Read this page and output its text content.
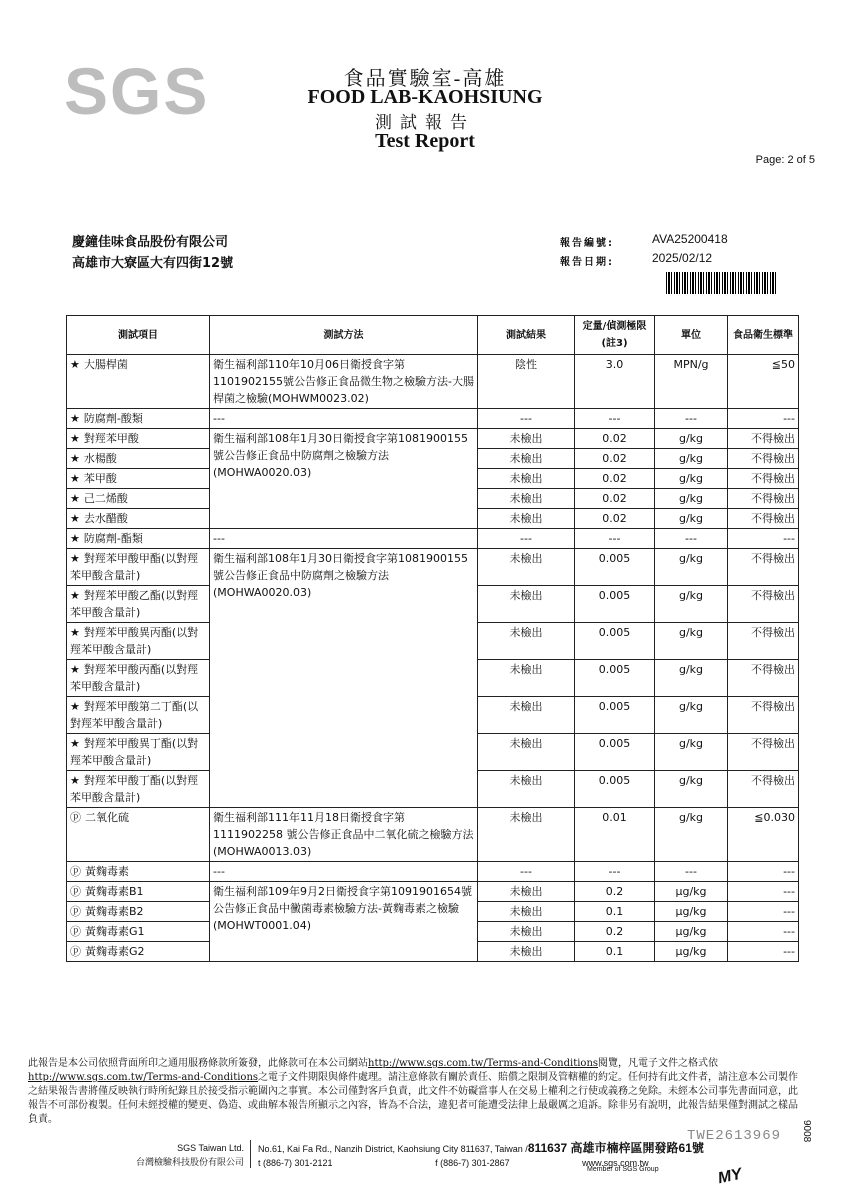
SGS	食品實驗室-高雄
FOOD LAB-KAOHSIUNG
測試報告
Test Report
Page: 2 of 5
慶鐘佳味食品股份有限公司
高雄市大寮區大有四街12號
報告編號:	AVA25200418
報告日期:	2025/02/12
測試項目	測試方法	測試結果	定量/偵測極限(註3)	單位	食品衛生標準
★ 大腸桿菌	衛生福利部110年10月06日衛授食字第1101902155號公告修正食品微生物之檢驗方法-大腸桿菌之檢驗(MOHWM0023.02)	陰性	3.0	MPN/g	≦50
★ 防腐劑-酸類	---	---	---	---	---
★ 對羥苯甲酸	衛生福利部108年1月30日衛授食字第1081900155號公告修正食品中防腐劑之檢驗方法(MOHWA0020.03)	未檢出	0.02	g/kg	不得檢出
★ 水楊酸		未檢出	0.02	g/kg	不得檢出
★ 苯甲酸		未檢出	0.02	g/kg	不得檢出
★ 己二烯酸		未檢出	0.02	g/kg	不得檢出
★ 去水醋酸		未檢出	0.02	g/kg	不得檢出
★ 防腐劑-酯類	---	---	---	---	---
★ 對羥苯甲酸甲酯(以對羥苯甲酸含量計)	衛生福利部108年1月30日衛授食字第1081900155號公告修正食品中防腐劑之檢驗方法(MOHWA0020.03)	未檢出	0.005	g/kg	不得檢出
★ 對羥苯甲酸乙酯(以對羥苯甲酸含量計)		未檢出	0.005	g/kg	不得檢出
★ 對羥苯甲酸異丙酯(以對羥苯甲酸含量計)		未檢出	0.005	g/kg	不得檢出
★ 對羥苯甲酸丙酯(以對羥苯甲酸含量計)		未檢出	0.005	g/kg	不得檢出
★ 對羥苯甲酸第二丁酯(以對羥苯甲酸含量計)		未檢出	0.005	g/kg	不得檢出
★ 對羥苯甲酸異丁酯(以對羥苯甲酸含量計)		未檢出	0.005	g/kg	不得檢出
★ 對羥苯甲酸丁酯(以對羥苯甲酸含量計)		未檢出	0.005	g/kg	不得檢出
ⓟ 二氧化硫	衛生福利部111年11月18日衛授食字第1111902258 號公告修正食品中二氧化硫之檢驗方法(MOHWA0013.03)	未檢出	0.01	g/kg	≦0.030
ⓟ 黃麴毒素	---	---	---	---	---
ⓟ 黃麴毒素B1	衛生福利部109年9月2日衛授食字第1091901654號公告修正食品中黴菌毒素檢驗方法-黃麴毒素之檢驗(MOHWT0001.04)	未檢出	0.2	μg/kg	---
ⓟ 黃麴毒素B2		未檢出	0.1	μg/kg	---
ⓟ 黃麴毒素G1		未檢出	0.2	μg/kg	---
ⓟ 黃麴毒素G2		未檢出	0.1	μg/kg	---
此報告是本公司依照背面所印之通用服務條款所簽發，此條款可在本公司網站http://www.sgs.com.tw/Terms-and-Conditions閱覽，凡電子文件之格式依
http://www.sgs.com.tw/Terms-and-Conditions之電子文件期限與條件處理。請注意條款有關於責任、賠償之限制及管轄權的約定。任何持有此文件者，請注意本公司製作之結果報告書將僅反映執行時所紀錄且於接受指示範圍內之事實。本公司僅對客戶負責，此文件不妨礙當事人在交易上權利之行使或義務之免除。未經本公司事先書面同意，此報告不可部份複製。任何未經授權的變更、偽造、或曲解本報告所顯示之內容，皆為不合法，違犯者可能遭受法律上最嚴厲之追訴。除非另有說明，此報告結果僅對測試之樣品負責。
SGS Taiwan Ltd.
台灣檢驗科技股份有限公司
No.61, Kai Fa Rd., Nanzih District, Kaohsiung City 811637, Taiwan /811637 高雄市楠梓區開發路61號
t (886-7) 301-2121	f (886-7) 301-2867	www.sgs.com.tw
TWE2613969 9008
Member of SGS Group	MY
